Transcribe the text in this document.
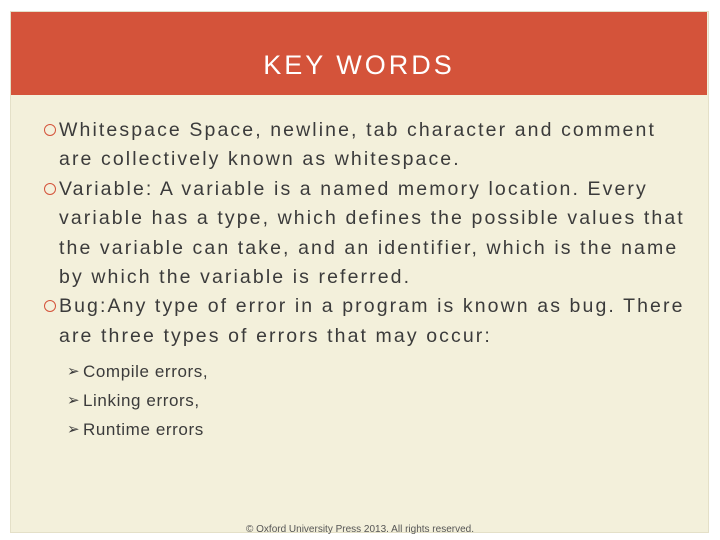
KEY WORDS
Whitespace Space, newline, tab character and comment are collectively known as whitespace.
Variable: A variable is a named memory location. Every variable has a type, which defines the possible values that the variable can take, and an identifier, which is the name by which the variable is referred.
Bug:Any type of error in a program is known as bug. There are three types of errors that may occur:
➢ Compile errors,
➢ Linking errors,
➢ Runtime errors
© Oxford University Press 2013. All rights reserved.
